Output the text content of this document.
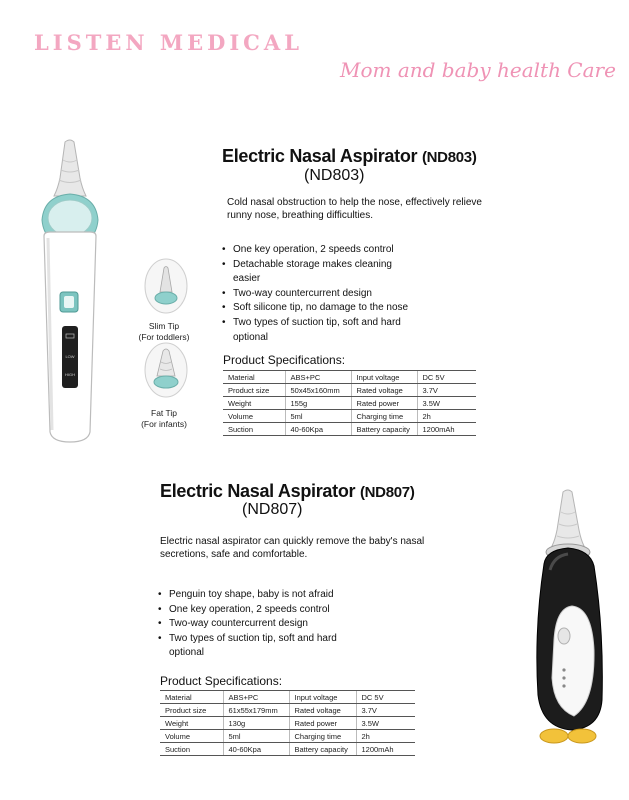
LISTEN MEDICAL
Mom and baby health Care
LOW
HIGH
Slim Tip
(For toddlers)
Fat Tip
(For infants)
Electric Nasal Aspirator (ND803)
(ND803)
Cold nasal obstruction to help the nose, effectively relieve runny nose, breathing difficulties.
• One key operation, 2 speeds control
• Detachable storage makes cleaning easier
• Two-way countercurrent design
• Soft silicone tip, no damage to the nose
• Two types of suction tip, soft and hard optional
Product Specifications:
Material	ABS+PC	Input voltage	DC 5V
Product size	50x45x160mm	Rated voltage	3.7V
Weight	155g	Rated power	3.5W
Volume	5ml	Charging time	2h
Suction	40-60Kpa	Battery capacity	1200mAh
Electric Nasal Aspirator (ND807)
(ND807)
Electric nasal aspirator can quickly remove the baby's nasal secretions, safe and comfortable.
• Penguin toy shape, baby is not afraid
• One key operation, 2 speeds control
• Two-way countercurrent design
• Two types of suction tip, soft and hard optional
Product Specifications:
Material	ABS+PC	Input voltage	DC 5V
Product size	61x55x179mm	Rated voltage	3.7V
Weight	130g	Rated power	3.5W
Volume	5ml	Charging time	2h
Suction	40-60Kpa	Battery capacity	1200mAh
